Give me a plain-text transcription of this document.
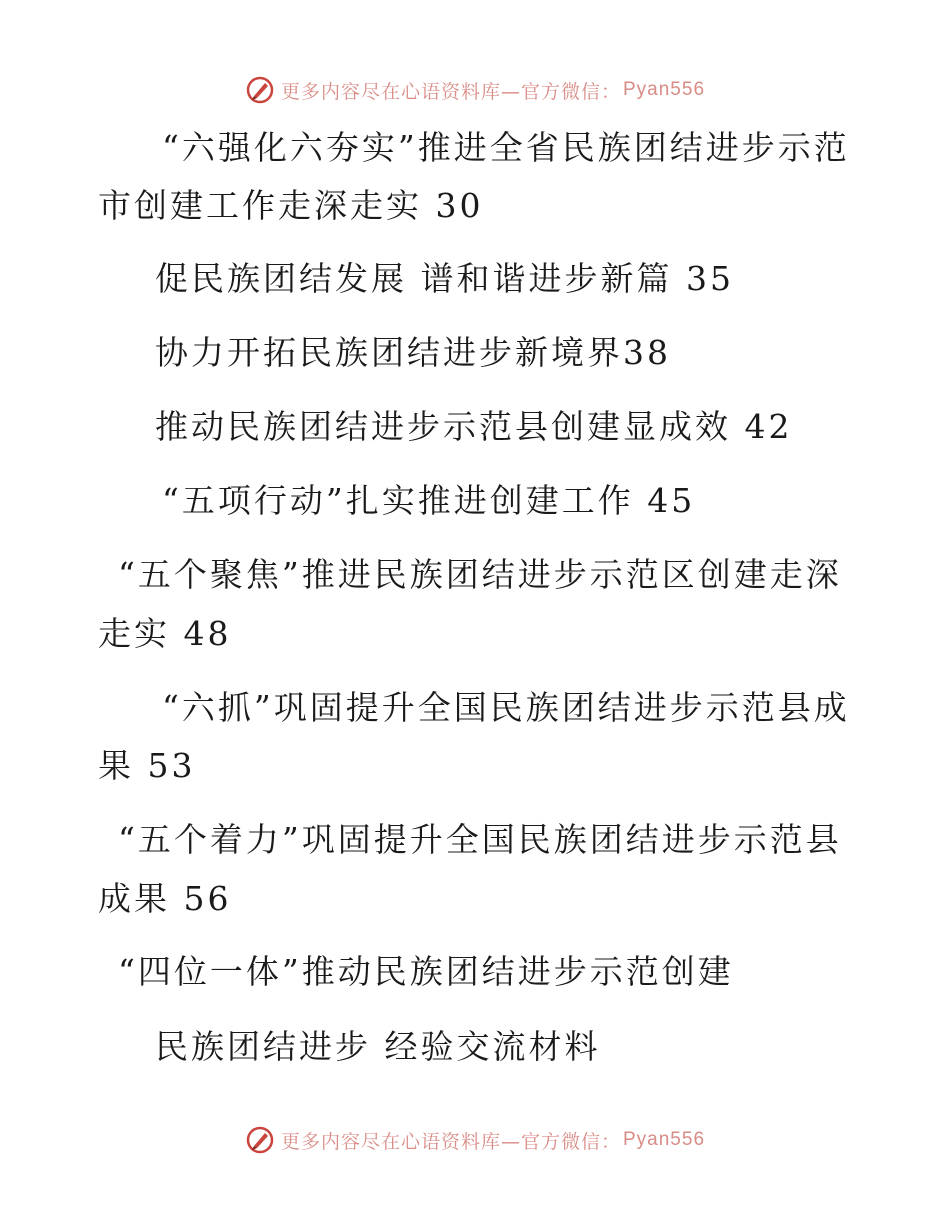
更多内容尽在心语资料库—官方微信： Pyan556
“六强化六夯实”推进全省民族团结进步示范
市创建工作走深走实 30
促民族团结发展 谱和谐进步新篇 35
协力开拓民族团结进步新境界38
推动民族团结进步示范县创建显成效 42
“五项行动”扎实推进创建工作 45
“五个聚焦”推进民族团结进步示范区创建走深
走实 48
“六抓”巩固提升全国民族团结进步示范县成
果 53
“五个着力”巩固提升全国民族团结进步示范县
成果 56
“四位一体”推动民族团结进步示范创建
民族团结进步 经验交流材料
更多内容尽在心语资料库—官方微信： Pyan556
